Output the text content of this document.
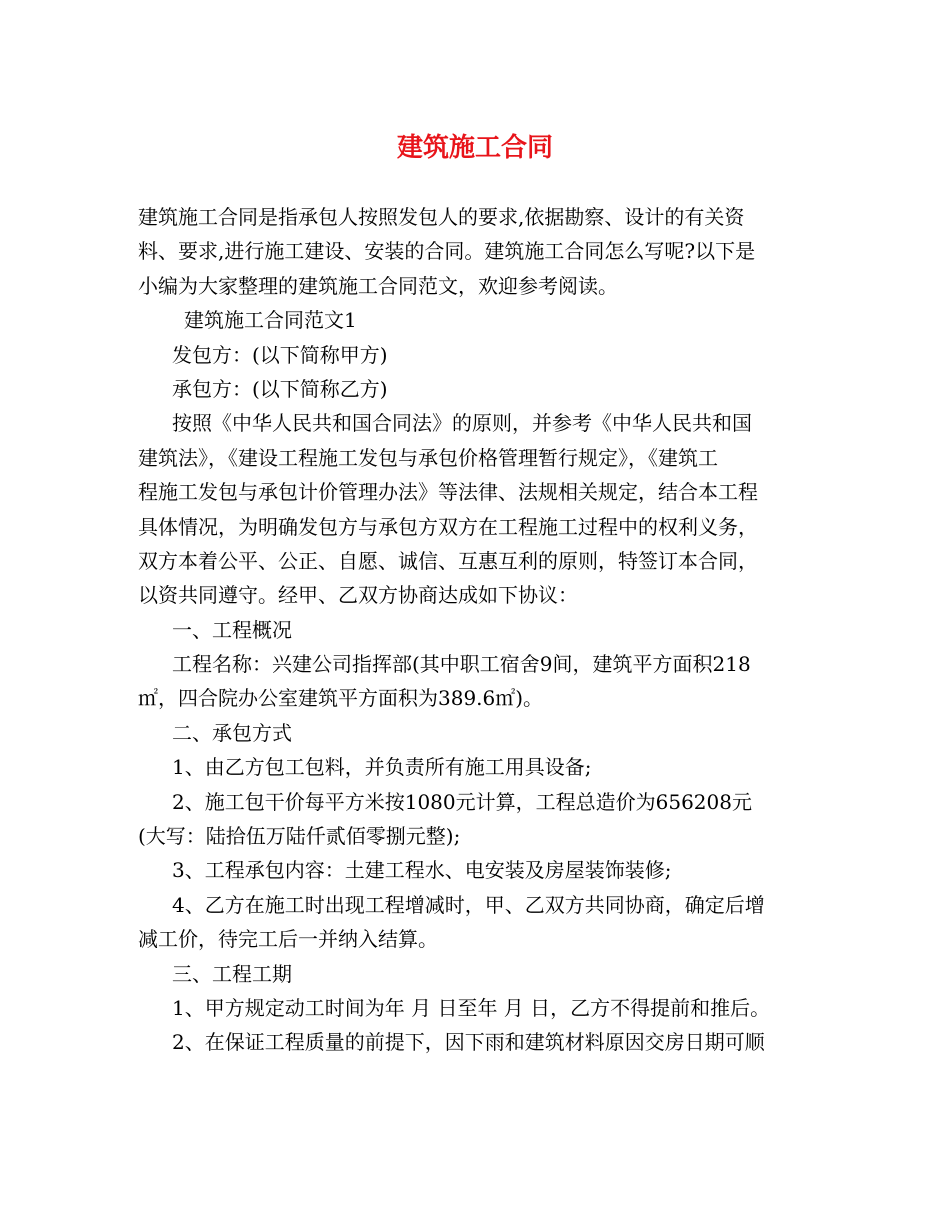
建筑施工合同
建筑施工合同是指承包人按照发包人的要求,依据勘察、设计的有关资
料、要求,进行施工建设、安装的合同。建筑施工合同怎么写呢?以下是
小编为大家整理的建筑施工合同范文，欢迎参考阅读。
建筑施工合同范文1
发包方：(以下简称甲方)
承包方：(以下简称乙方)
按照《中华人民共和国合同法》的原则，并参考《中华人民共和国
建筑法》，《建设工程施工发包与承包价格管理暂行规定》，《建筑工
程施工发包与承包计价管理办法》等法律、法规相关规定，结合本工程
具体情况，为明确发包方与承包方双方在工程施工过程中的权利义务，
双方本着公平、公正、自愿、诚信、互惠互利的原则，特签订本合同，
以资共同遵守。经甲、乙双方协商达成如下协议：
一、工程概况
工程名称：兴建公司指挥部(其中职工宿舍9间，建筑平方面积218
㎡，四合院办公室建筑平方面积为389.6㎡)。
二、承包方式
1、由乙方包工包料，并负责所有施工用具设备;
2、施工包干价每平方米按1080元计算，工程总造价为656208元
(大写：陆拾伍万陆仟贰佰零捌元整);
3、工程承包内容：土建工程水、电安装及房屋装饰装修;
4、乙方在施工时出现工程增减时，甲、乙双方共同协商，确定后增
减工价，待完工后一并纳入结算。
三、工程工期
1、甲方规定动工时间为年 月 日至年 月 日，乙方不得提前和推后。
2、在保证工程质量的前提下，因下雨和建筑材料原因交房日期可顺
